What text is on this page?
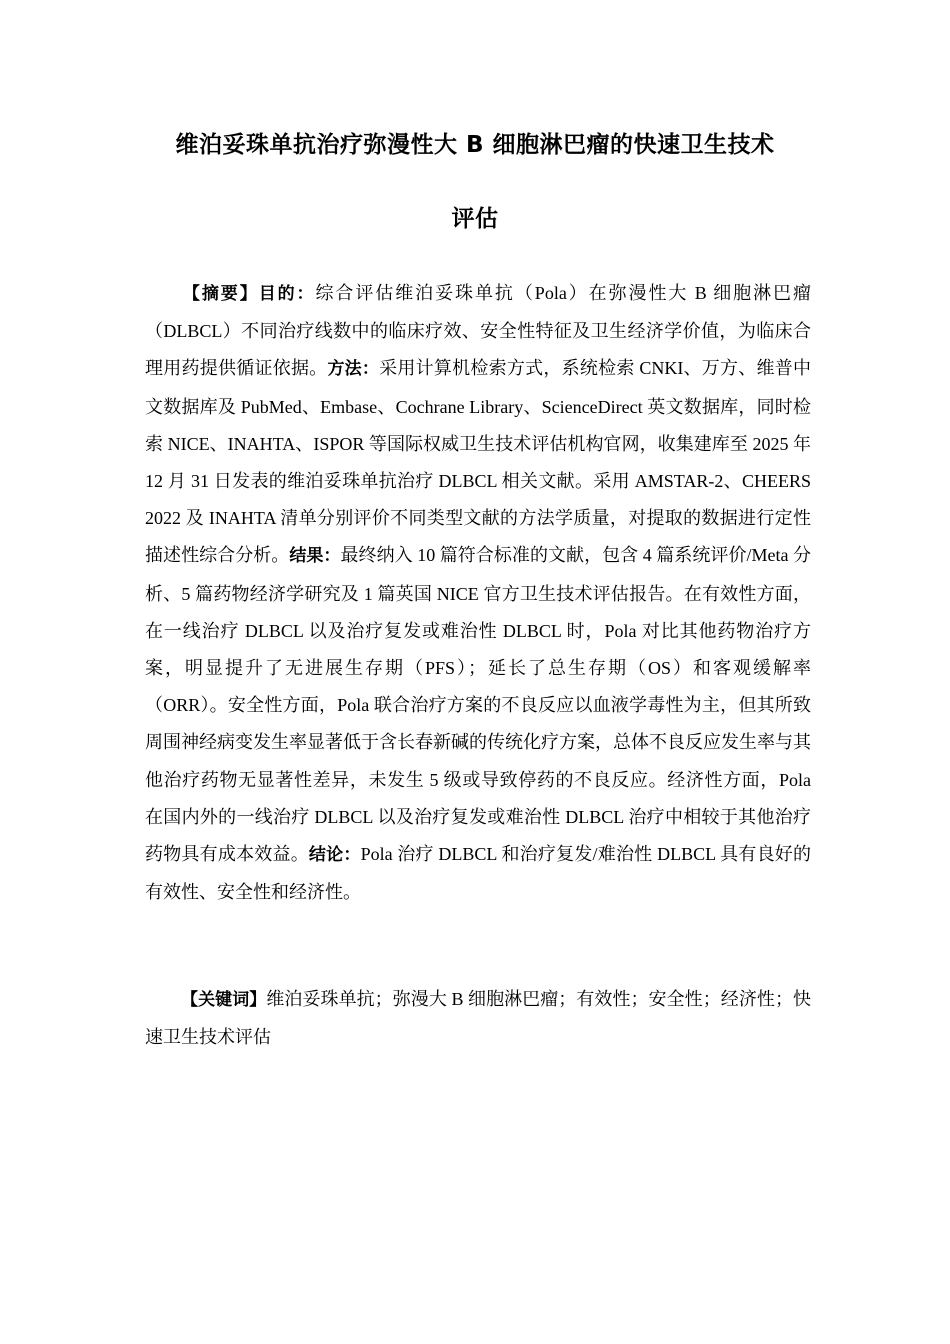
维泊妥珠单抗治疗弥漫性大 B 细胞淋巴瘤的快速卫生技术
评估

【摘要】目的：综合评估维泊妥珠单抗（Pola）在弥漫性大 B 细胞淋巴瘤（DLBCL）不同治疗线数中的临床疗效、安全性特征及卫生经济学价值，为临床合理用药提供循证依据。方法：采用计算机检索方式，系统检索 CNKI、万方、维普中文数据库及 PubMed、Embase、Cochrane Library、ScienceDirect 英文数据库，同时检索 NICE、INAHTA、ISPOR 等国际权威卫生技术评估机构官网，收集建库至 2025 年 12 月 31 日发表的维泊妥珠单抗治疗 DLBCL 相关文献。采用 AMSTAR-2、CHEERS 2022 及 INAHTA 清单分别评价不同类型文献的方法学质量，对提取的数据进行定性描述性综合分析。结果：最终纳入 10 篇符合标准的文献，包含 4 篇系统评价/Meta 分析、5 篇药物经济学研究及 1 篇英国 NICE 官方卫生技术评估报告。在有效性方面，在一线治疗 DLBCL 以及治疗复发或难治性 DLBCL 时，Pola 对比其他药物治疗方案，明显提升了无进展生存期（PFS）；延长了总生存期（OS）和客观缓解率（ORR）。安全性方面，Pola 联合治疗方案的不良反应以血液学毒性为主，但其所致周围神经病变发生率显著低于含长春新碱的传统化疗方案，总体不良反应发生率与其他治疗药物无显著性差异，未发生 5 级或导致停药的不良反应。经济性方面，Pola 在国内外的一线治疗 DLBCL 以及治疗复发或难治性 DLBCL 治疗中相较于其他治疗药物具有成本效益。结论：Pola 治疗 DLBCL 和治疗复发/难治性 DLBCL 具有良好的有效性、安全性和经济性。

【关键词】维泊妥珠单抗；弥漫大 B 细胞淋巴瘤；有效性；安全性；经济性；快速卫生技术评估
